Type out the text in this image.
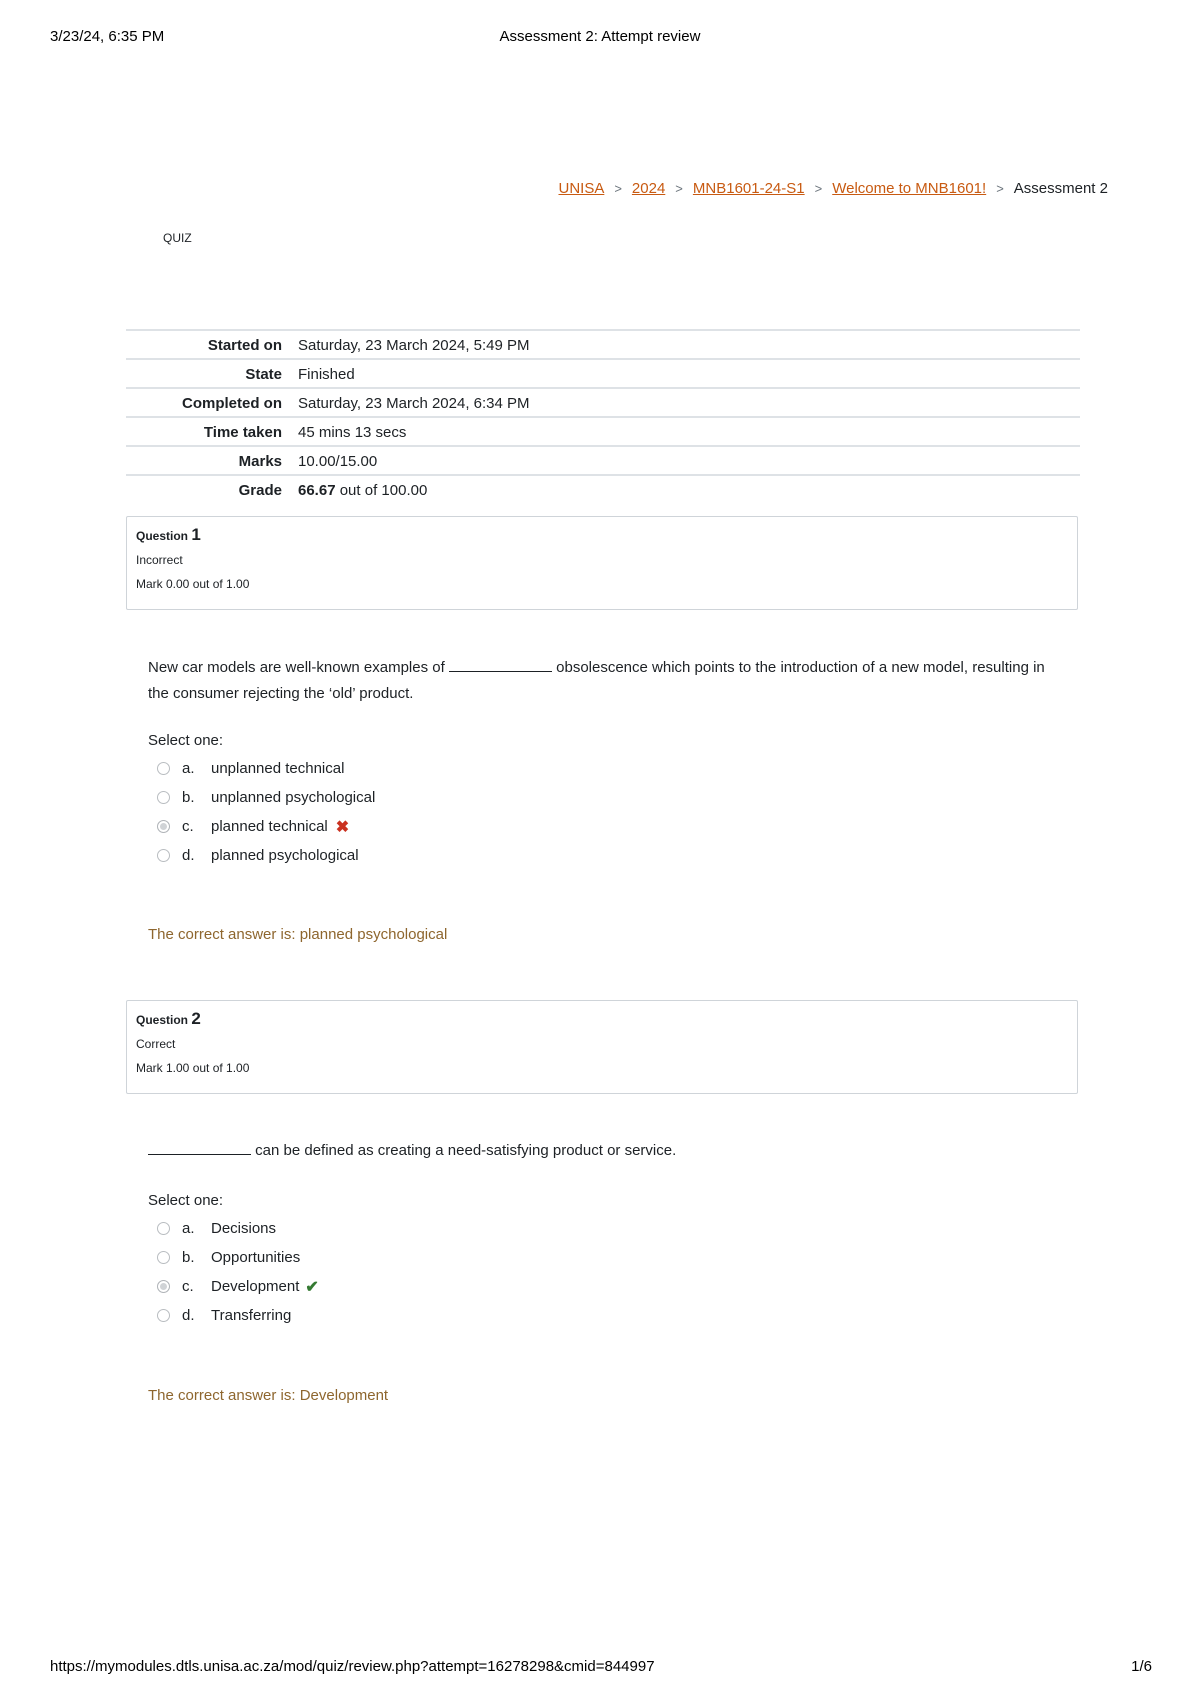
3/23/24, 6:35 PM	Assessment 2: Attempt review
UNISA > 2024 > MNB1601-24-S1 > Welcome to MNB1601! > Assessment 2
QUIZ
Started on	Saturday, 23 March 2024, 5:49 PM
State	Finished
Completed on	Saturday, 23 March 2024, 6:34 PM
Time taken	45 mins 13 secs
Marks	10.00/15.00
Grade	66.67 out of 100.00
Question 1
Incorrect
Mark 0.00 out of 1.00
New car models are well-known examples of	obsolescence which points to the introduction of a new model, resulting in the consumer rejecting the ‘old’ product.
Select one:
a.	unplanned technical
b.	unplanned psychological
c.	planned technical ✖
d.	planned psychological
The correct answer is: planned psychological
Question 2
Correct
Mark 1.00 out of 1.00
can be defined as creating a need-satisfying product or service.
Select one:
a.	Decisions
b.	Opportunities
c.	Development ✔
d.	Transferring
The correct answer is: Development
https://mymodules.dtls.unisa.ac.za/mod/quiz/review.php?attempt=16278298&cmid=844997	1/6
